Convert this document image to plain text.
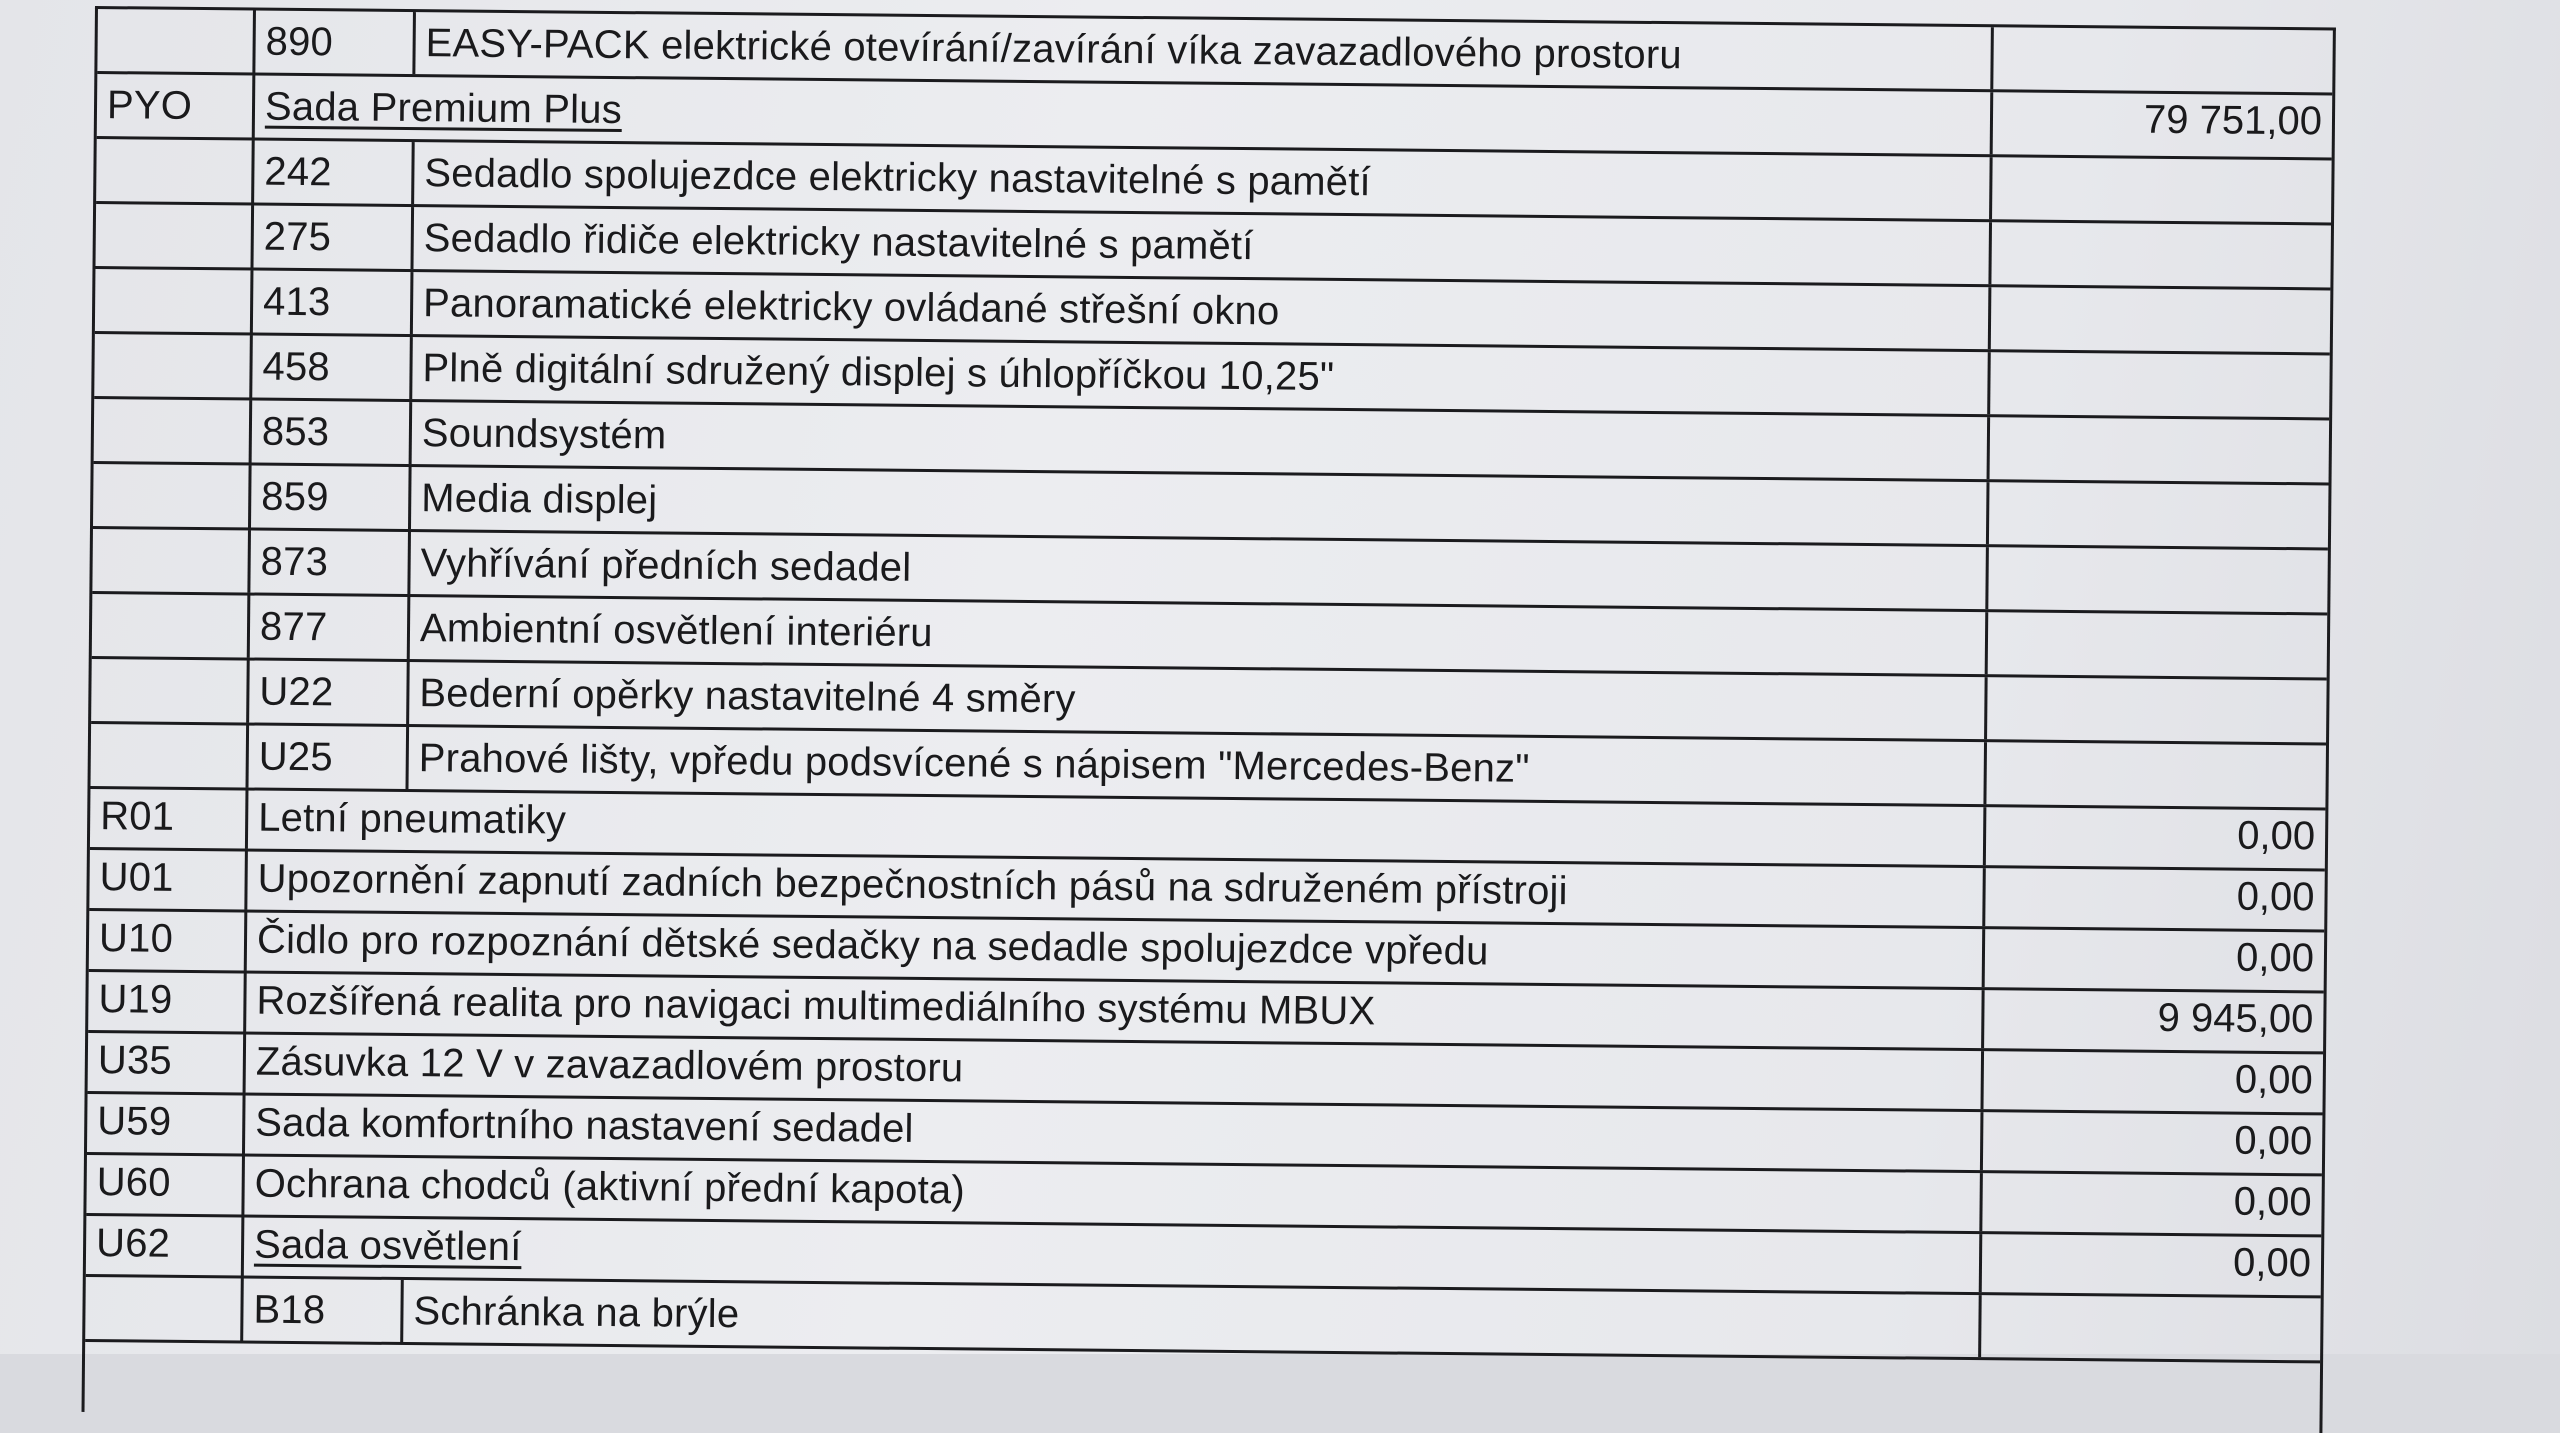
890 EASY-PACK elektrické otevírání/zavírání víka zavazadlového prostoru
PYO Sada Premium Plus	79 751,00
242 Sedadlo spolujezdce elektricky nastavitelné s pamětí
275 Sedadlo řidiče elektricky nastavitelné s pamětí
413 Panoramatické elektricky ovládané střešní okno
458 Plně digitální sdružený displej s úhlopříčkou 10,25"
853 Soundsystém
859 Media displej
873 Vyhřívání předních sedadel
877 Ambientní osvětlení interiéru
U22 Bederní opěrky nastavitelné 4 směry
U25 Prahové lišty, vpředu podsvícené s nápisem "Mercedes-Benz"
R01 Letní pneumatiky	0,00
U01 Upozornění zapnutí zadních bezpečnostních pásů na sdruženém přístroji	0,00
U10 Čidlo pro rozpoznání dětské sedačky na sedadle spolujezdce vpředu	0,00
U19 Rozšířená realita pro navigaci multimediálního systému MBUX	9 945,00
U35 Zásuvka 12 V v zavazadlovém prostoru	0,00
U59 Sada komfortního nastavení sedadel	0,00
U60 Ochrana chodců (aktivní přední kapota)	0,00
U62 Sada osvětlení	0,00
B18 Schránka na brýle
